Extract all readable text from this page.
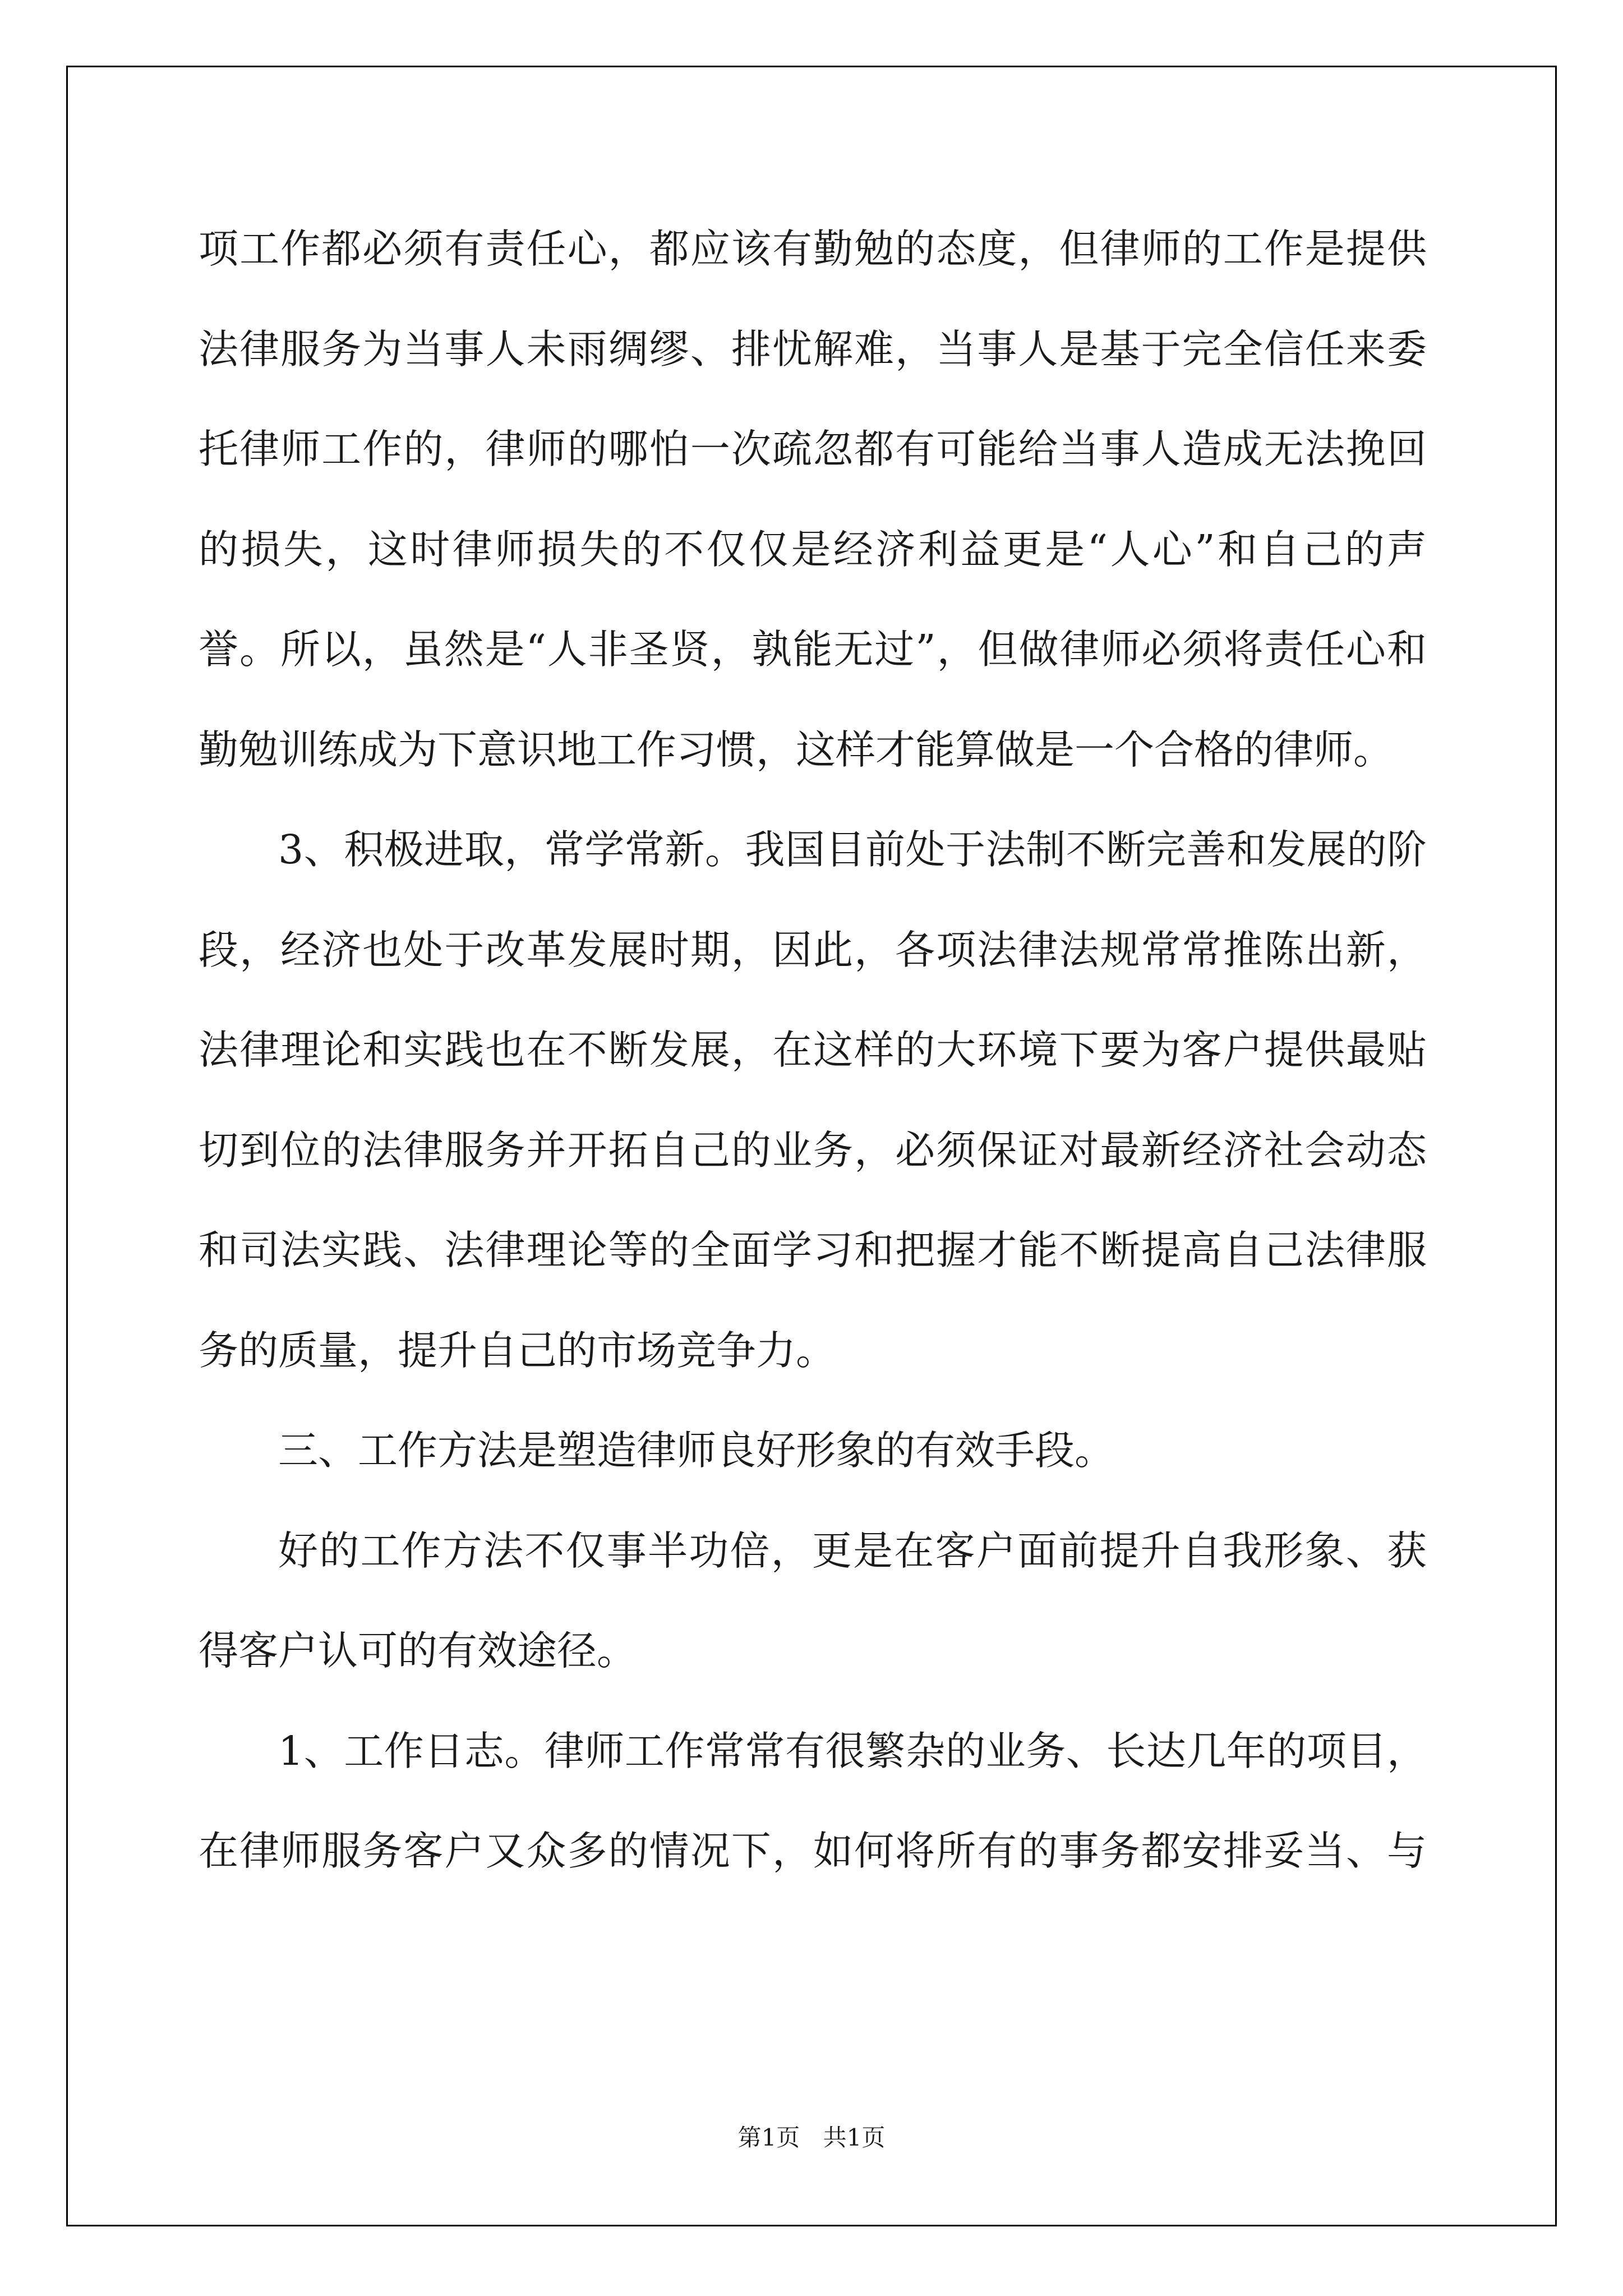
项工作都必须有责任心，都应该有勤勉的态度，但律师的工作是提供
法律服务为当事人未雨绸缪、排忧解难，当事人是基于完全信任来委
托律师工作的，律师的哪怕一次疏忽都有可能给当事人造成无法挽回
的损失，这时律师损失的不仅仅是经济利益更是“人心”和自己的声
誉。所以，虽然是“人非圣贤，孰能无过”，但做律师必须将责任心和
勤勉训练成为下意识地工作习惯，这样才能算做是一个合格的律师。
3、积极进取，常学常新。我国目前处于法制不断完善和发展的阶
段，经济也处于改革发展时期，因此，各项法律法规常常推陈出新，
法律理论和实践也在不断发展，在这样的大环境下要为客户提供最贴
切到位的法律服务并开拓自己的业务，必须保证对最新经济社会动态
和司法实践、法律理论等的全面学习和把握才能不断提高自己法律服
务的质量，提升自己的市场竞争力。
三、工作方法是塑造律师良好形象的有效手段。
好的工作方法不仅事半功倍，更是在客户面前提升自我形象、获
得客户认可的有效途径。
1、工作日志。律师工作常常有很繁杂的业务、长达几年的项目，
在律师服务客户又众多的情况下，如何将所有的事务都安排妥当、与
第1页 共1页
